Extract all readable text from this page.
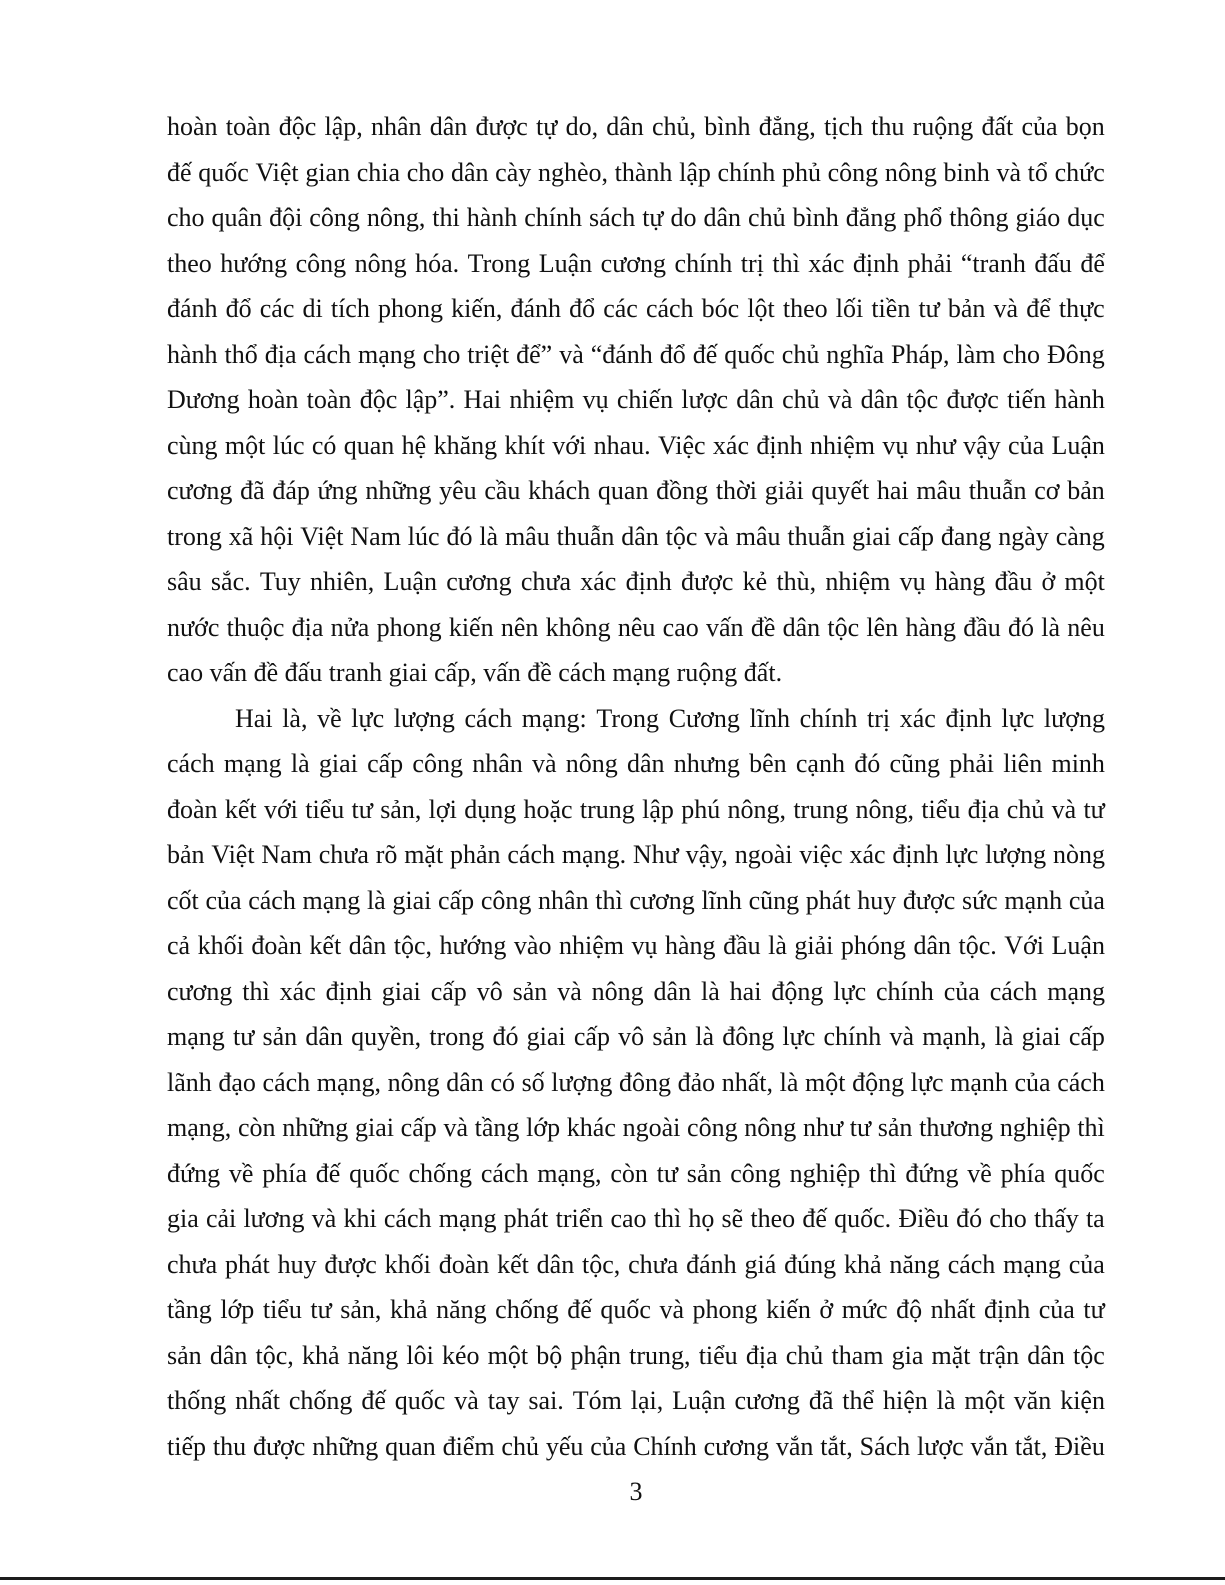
hoàn toàn độc lập, nhân dân được tự do, dân chủ, bình đẳng, tịch thu ruộng đất của bọn
đế quốc Việt gian chia cho dân cày nghèo, thành lập chính phủ công nông binh và tổ chức
cho quân đội công nông, thi hành chính sách tự do dân chủ bình đẳng phổ thông giáo dục
theo hướng công nông hóa. Trong Luận cương chính trị thì xác định phải “tranh đấu để
đánh đổ các di tích phong kiến, đánh đổ các cách bóc lột theo lối tiền tư bản và để thực
hành thổ địa cách mạng cho triệt để” và “đánh đổ đế quốc chủ nghĩa Pháp, làm cho Đông
Dương hoàn toàn độc lập”. Hai nhiệm vụ chiến lược dân chủ và dân tộc được tiến hành
cùng một lúc có quan hệ khăng khít với nhau. Việc xác định nhiệm vụ như vậy của Luận
cương đã đáp ứng những yêu cầu khách quan đồng thời giải quyết hai mâu thuẫn cơ bản
trong xã hội Việt Nam lúc đó là mâu thuẫn dân tộc và mâu thuẫn giai cấp đang ngày càng
sâu sắc. Tuy nhiên, Luận cương chưa xác định được kẻ thù, nhiệm vụ hàng đầu ở một
nước thuộc địa nửa phong kiến nên không nêu cao vấn đề dân tộc lên hàng đầu đó là nêu
cao vấn đề đấu tranh giai cấp, vấn đề cách mạng ruộng đất.
Hai là, về lực lượng cách mạng: Trong Cương lĩnh chính trị xác định lực lượng
cách mạng là giai cấp công nhân và nông dân nhưng bên cạnh đó cũng phải liên minh
đoàn kết với tiểu tư sản, lợi dụng hoặc trung lập phú nông, trung nông, tiểu địa chủ và tư
bản Việt Nam chưa rõ mặt phản cách mạng. Như vậy, ngoài việc xác định lực lượng nòng
cốt của cách mạng là giai cấp công nhân thì cương lĩnh cũng phát huy được sức mạnh của
cả khối đoàn kết dân tộc, hướng vào nhiệm vụ hàng đầu là giải phóng dân tộc. Với Luận
cương thì xác định giai cấp vô sản và nông dân là hai động lực chính của cách mạng
mạng tư sản dân quyền, trong đó giai cấp vô sản là đông lực chính và mạnh, là giai cấp
lãnh đạo cách mạng, nông dân có số lượng đông đảo nhất, là một động lực mạnh của cách
mạng, còn những giai cấp và tầng lớp khác ngoài công nông như tư sản thương nghiệp thì
đứng về phía đế quốc chống cách mạng, còn tư sản công nghiệp thì đứng về phía quốc
gia cải lương và khi cách mạng phát triển cao thì họ sẽ theo đế quốc. Điều đó cho thấy ta
chưa phát huy được khối đoàn kết dân tộc, chưa đánh giá đúng khả năng cách mạng của
tầng lớp tiểu tư sản, khả năng chống đế quốc và phong kiến ở mức độ nhất định của tư
sản dân tộc, khả năng lôi kéo một bộ phận trung, tiểu địa chủ tham gia mặt trận dân tộc
thống nhất chống đế quốc và tay sai. Tóm lại, Luận cương đã thể hiện là một văn kiện
tiếp thu được những quan điểm chủ yếu của Chính cương vắn tắt, Sách lược vắn tắt, Điều
3
